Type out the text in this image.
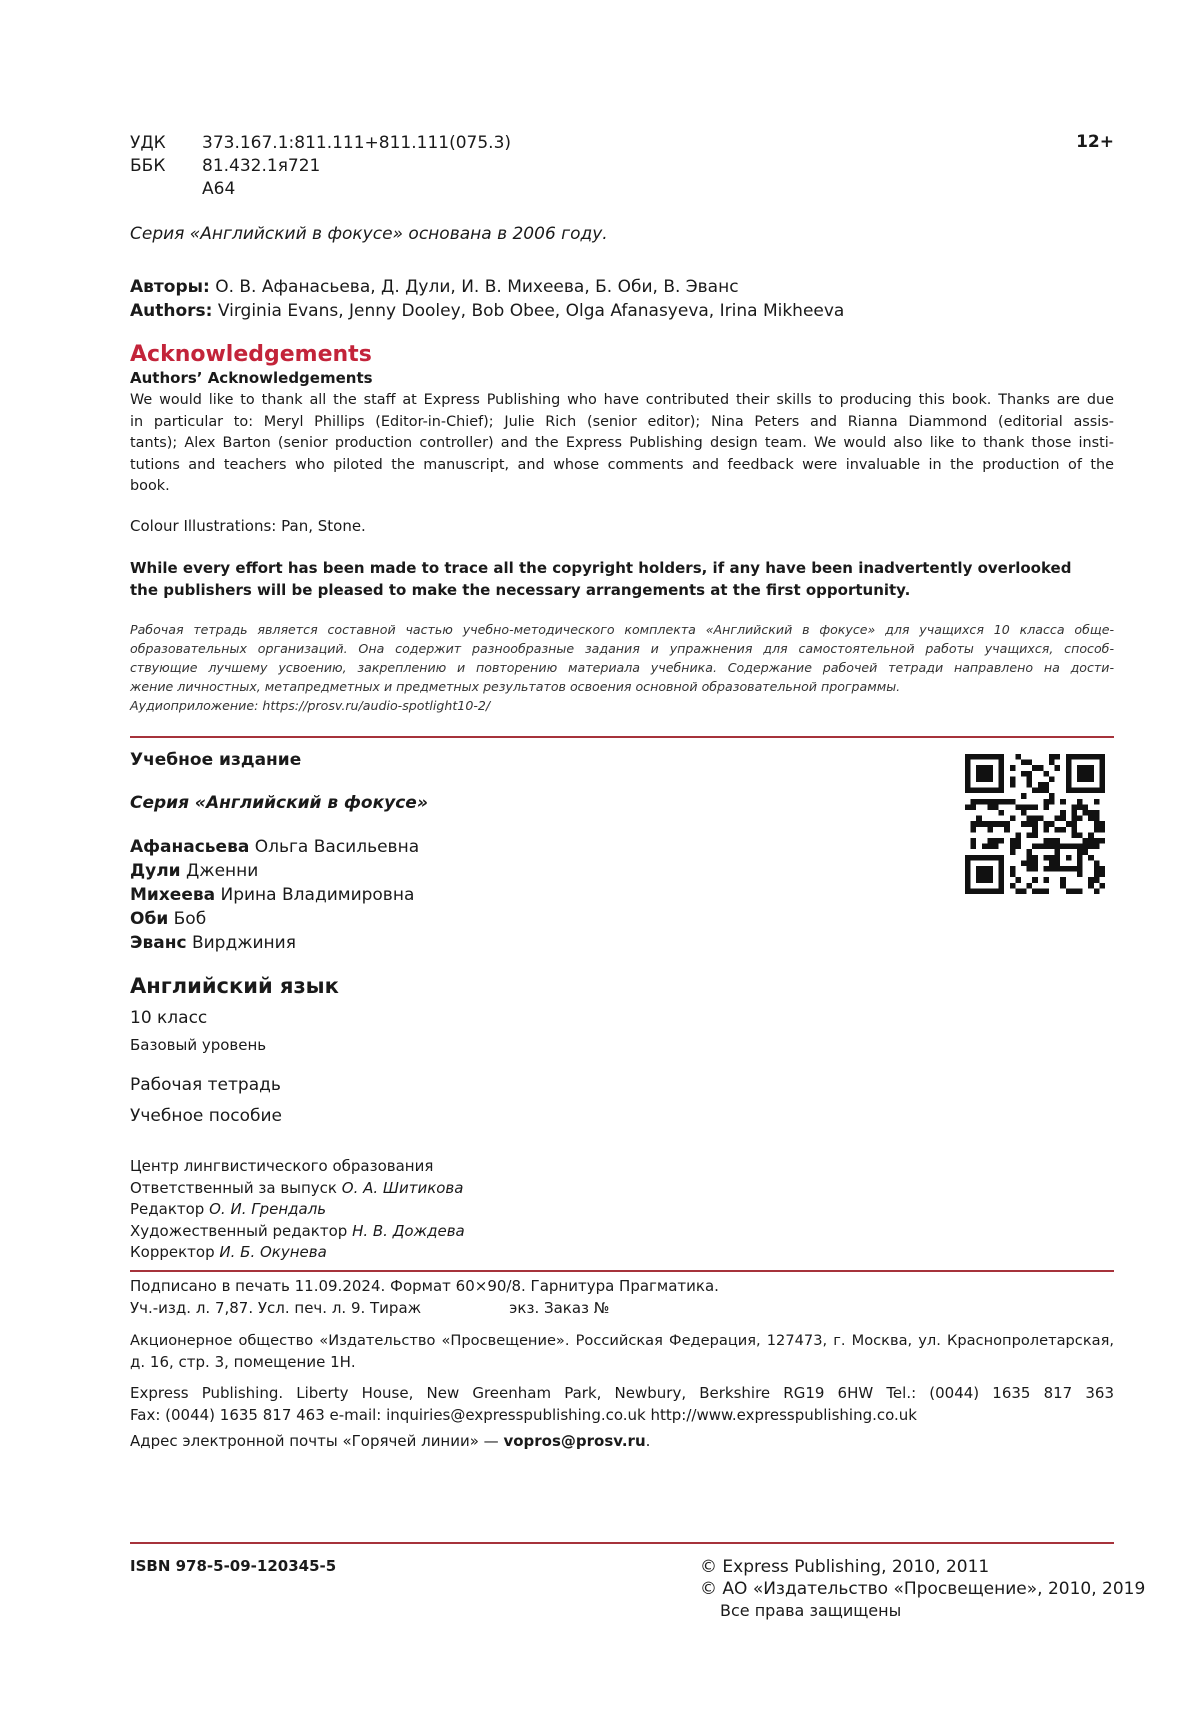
УДК 373.167.1:811.111+811.111(075.3)
ББК 81.432.1я721
А64
12+
Серия «Английский в фокусе» основана в 2006 году.
Авторы: О. В. Афанасьева, Д. Дули, И. В. Михеева, Б. Оби, В. Эванс
Authors: Virginia Evans, Jenny Dooley, Bob Obee, Olga Afanasyeva, Irina Mikheeva
Acknowledgements
Authors’ Acknowledgements
We would like to thank all the staff at Express Publishing who have contributed their skills to producing this book. Thanks are due
in particular to: Meryl Phillips (Editor-in-Chief); Julie Rich (senior editor); Nina Peters and Rianna Diammond (editorial assis-
tants); Alex Barton (senior production controller) and the Express Publishing design team. We would also like to thank those insti-
tutions and teachers who piloted the manuscript, and whose comments and feedback were invaluable in the production of the
book.
Colour Illustrations: Pan, Stone.
While every effort has been made to trace all the copyright holders, if any have been inadvertently overlooked
the publishers will be pleased to make the necessary arrangements at the first opportunity.
Рабочая тетрадь является составной частью учебно-методического комплекта «Английский в фокусе» для учащихся 10 класса обще-
образовательных организаций. Она содержит разнообразные задания и упражнения для самостоятельной работы учащихся, способ-
ствующие лучшему усвоению, закреплению и повторению материала учебника. Содержание рабочей тетради направлено на дости-
жение личностных, метапредметных и предметных результатов освоения основной образовательной программы.
Аудиоприложение: https://prosv.ru/audio-spotlight10-2/
Учебное издание
Серия «Английский в фокусе»
Афанасьева Ольга Васильевна
Дули Дженни
Михеева Ирина Владимировна
Оби Боб
Эванс Вирджиния
Английский язык
10 класс
Базовый уровень
Рабочая тетрадь
Учебное пособие
Центр лингвистического образования
Ответственный за выпуск О. А. Шитикова
Редактор О. И. Грендаль
Художественный редактор Н. В. Дождева
Корректор И. Б. Окунева
Подписано в печать 11.09.2024. Формат 60×90/8. Гарнитура Прагматика.
Уч.-изд. л. 7,87. Усл. печ. л. 9. Тираж	экз. Заказ №
Акционерное общество «Издательство «Просвещение». Российская Федерация, 127473, г. Москва, ул. Краснопролетарская,
д. 16, стр. 3, помещение 1Н.
Express Publishing. Liberty House, New Greenham Park, Newbury, Berkshire RG19 6HW Tel.: (0044) 1635 817 363
Fax: (0044) 1635 817 463 e-mail: inquiries@expresspublishing.co.uk http://www.expresspublishing.co.uk
Адрес электронной почты «Горячей линии» — vopros@prosv.ru.
ISBN 978-5-09-120345-5	© Express Publishing, 2010, 2011
© АО «Издательство «Просвещение», 2010, 2019
Все права защищены
